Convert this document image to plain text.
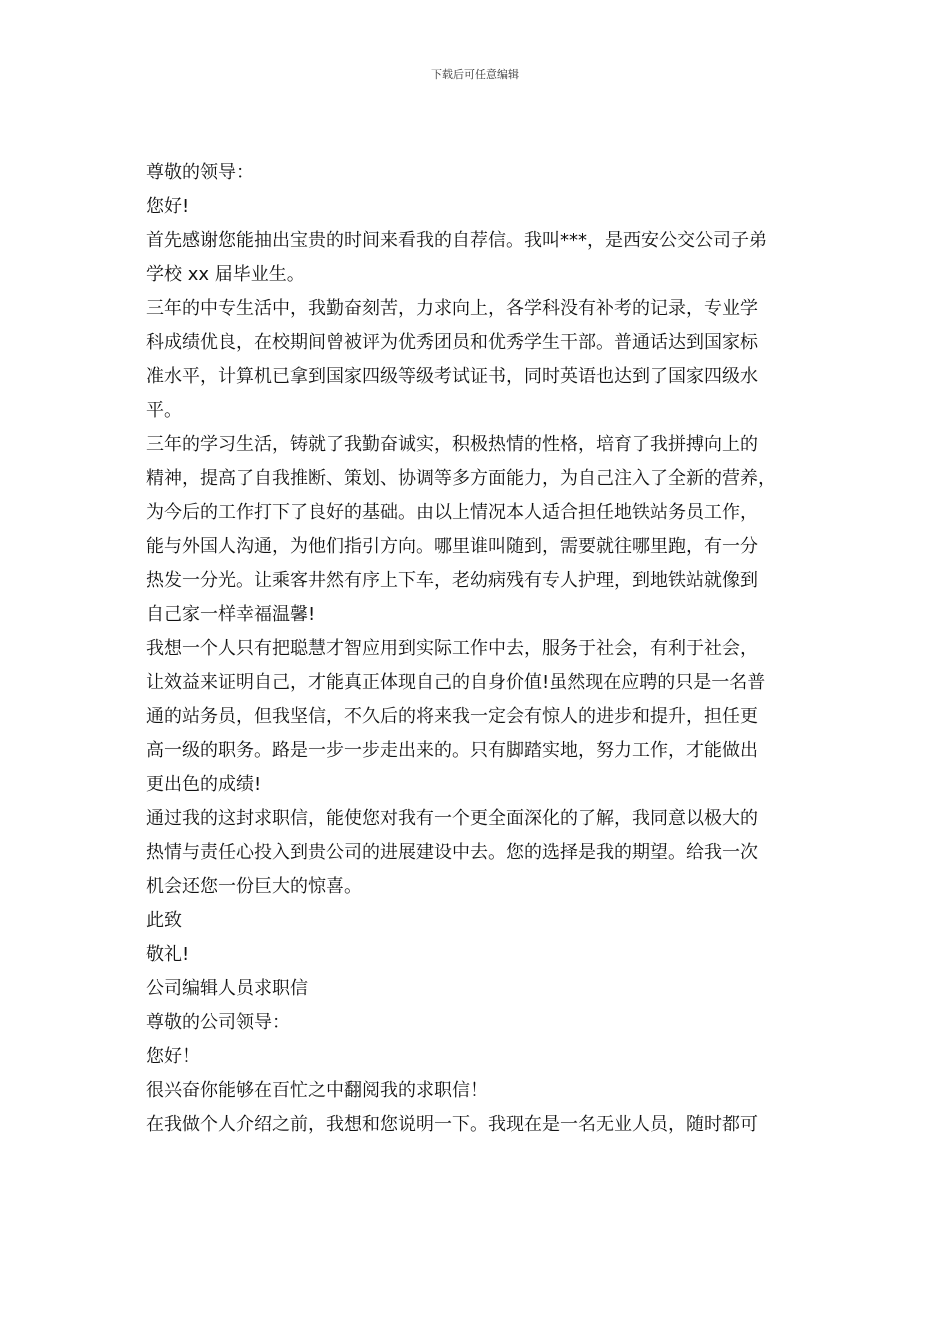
下载后可任意编辑
尊敬的领导：
您好!
首先感谢您能抽出宝贵的时间来看我的自荐信。我叫***，是西安公交公司子弟
学校 xx 届毕业生。
三年的中专生活中，我勤奋刻苦，力求向上，各学科没有补考的记录，专业学
科成绩优良，在校期间曾被评为优秀团员和优秀学生干部。普通话达到国家标
准水平，计算机已拿到国家四级等级考试证书，同时英语也达到了国家四级水
平。
三年的学习生活，铸就了我勤奋诚实，积极热情的性格，培育了我拼搏向上的
精神，提高了自我推断、策划、协调等多方面能力，为自己注入了全新的营养，
为今后的工作打下了良好的基础。由以上情况本人适合担任地铁站务员工作，
能与外国人沟通，为他们指引方向。哪里谁叫随到，需要就往哪里跑，有一分
热发一分光。让乘客井然有序上下车，老幼病残有专人护理，到地铁站就像到
自己家一样幸福温馨!
我想一个人只有把聪慧才智应用到实际工作中去，服务于社会，有利于社会，
让效益来证明自己，才能真正体现自己的自身价值!虽然现在应聘的只是一名普
通的站务员，但我坚信，不久后的将来我一定会有惊人的进步和提升，担任更
高一级的职务。路是一步一步走出来的。只有脚踏实地，努力工作，才能做出
更出色的成绩!
通过我的这封求职信，能使您对我有一个更全面深化的了解，我同意以极大的
热情与责任心投入到贵公司的进展建设中去。您的选择是我的期望。给我一次
机会还您一份巨大的惊喜。
此致
敬礼!
公司编辑人员求职信
尊敬的公司领导：
您好！
很兴奋你能够在百忙之中翻阅我的求职信！
在我做个人介绍之前，我想和您说明一下。我现在是一名无业人员，随时都可
